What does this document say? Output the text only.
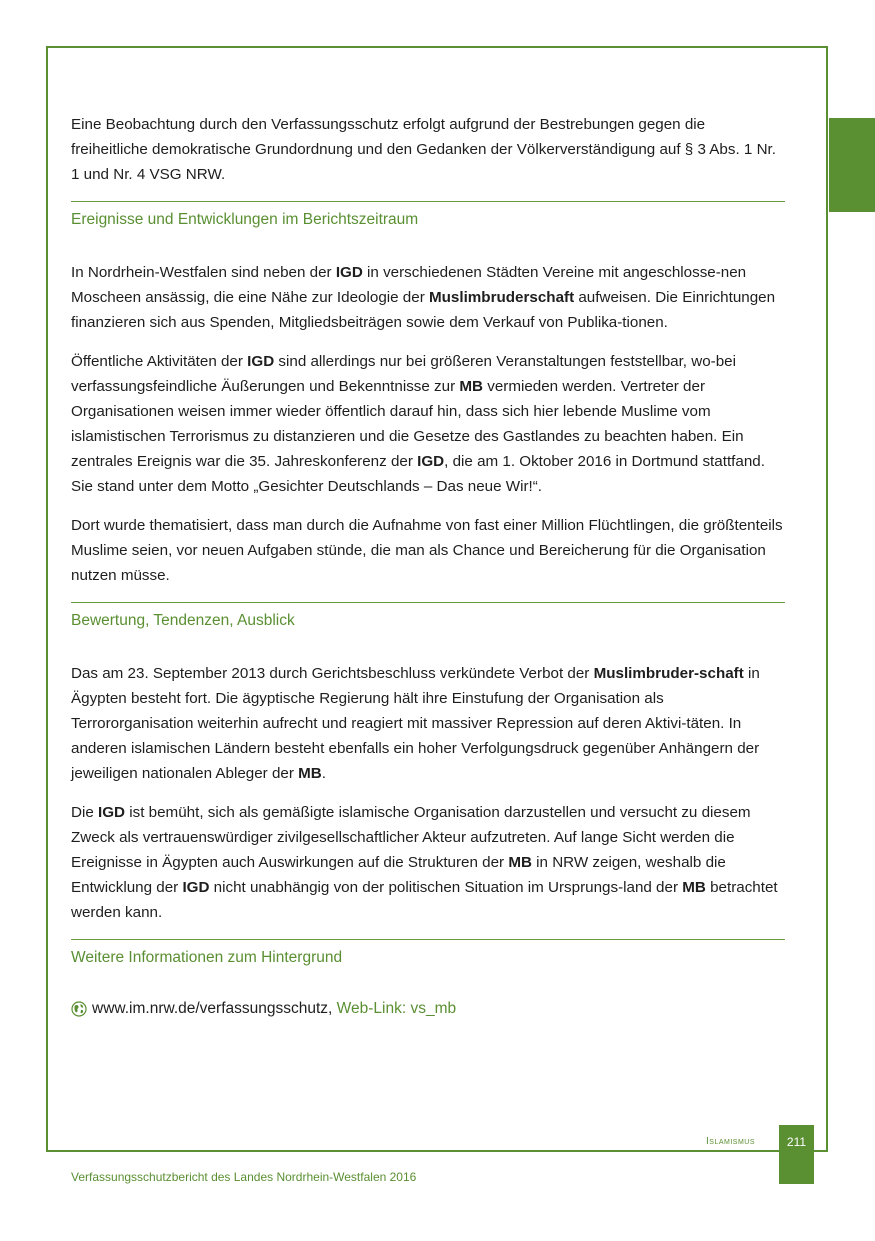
Eine Beobachtung durch den Verfassungsschutz erfolgt aufgrund der Bestrebungen gegen die freiheitliche demokratische Grundordnung und den Gedanken der Völkerverständigung auf § 3 Abs. 1 Nr. 1 und Nr. 4 VSG NRW.

Ereignisse und Entwicklungen im Berichtszeitraum

In Nordrhein-Westfalen sind neben der IGD in verschiedenen Städten Vereine mit angeschlosse-nen Moscheen ansässig, die eine Nähe zur Ideologie der Muslimbruderschaft aufweisen. Die Einrichtungen finanzieren sich aus Spenden, Mitgliedsbeiträgen sowie dem Verkauf von Publika-tionen.

Öffentliche Aktivitäten der IGD sind allerdings nur bei größeren Veranstaltungen feststellbar, wo-bei verfassungsfeindliche Äußerungen und Bekenntnisse zur MB vermieden werden. Vertreter der Organisationen weisen immer wieder öffentlich darauf hin, dass sich hier lebende Muslime vom islamistischen Terrorismus zu distanzieren und die Gesetze des Gastlandes zu beachten haben. Ein zentrales Ereignis war die 35. Jahreskonferenz der IGD, die am 1. Oktober 2016 in Dortmund stattfand. Sie stand unter dem Motto „Gesichter Deutschlands – Das neue Wir!“.

Dort wurde thematisiert, dass man durch die Aufnahme von fast einer Million Flüchtlingen, die größtenteils Muslime seien, vor neuen Aufgaben stünde, die man als Chance und Bereicherung für die Organisation nutzen müsse.

Bewertung, Tendenzen, Ausblick

Das am 23. September 2013 durch Gerichtsbeschluss verkündete Verbot der Muslimbruder-schaft in Ägypten besteht fort. Die ägyptische Regierung hält ihre Einstufung der Organisation als Terrororganisation weiterhin aufrecht und reagiert mit massiver Repression auf deren Aktivi-täten. In anderen islamischen Ländern besteht ebenfalls ein hoher Verfolgungsdruck gegenüber Anhängern der jeweiligen nationalen Ableger der MB.

Die IGD ist bemüht, sich als gemäßigte islamische Organisation darzustellen und versucht zu diesem Zweck als vertrauenswürdiger zivilgesellschaftlicher Akteur aufzutreten. Auf lange Sicht werden die Ereignisse in Ägypten auch Auswirkungen auf die Strukturen der MB in NRW zeigen, weshalb die Entwicklung der IGD nicht unabhängig von der politischen Situation im Ursprungs-land der MB betrachtet werden kann.

Weitere Informationen zum Hintergrund
www.im.nrw.de/verfassungsschutz,
Web-Link: vs_mb
Islamismus	211
Verfassungsschutzbericht des Landes Nordrhein-Westfalen 2016
